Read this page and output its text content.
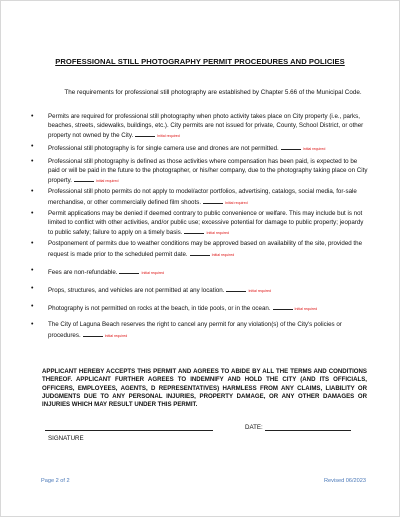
PROFESSIONAL STILL PHOTOGRAPHY PERMIT PROCEDURES AND POLICIES
The requirements for professional still photography are established by Chapter 5.66 of the Municipal Code.
• Permits are required for professional still photography when photo activity takes place on City property (i.e., parks, beaches, streets, sidewalks, buildings, etc.). City permits are not issued for private, County, School District, or other property not owned by the City.	Initial required
• Professional still photography is for single camera use and drones are not permitted.	Initial required
• Professional still photography is defined as those activities where compensation has been paid, is expected to be paid or will be paid in the future to the photographer, or his/her company, due to the photography taking place on City property.	Initial required
• Professional still photo permits do not apply to model/actor portfolios, advertising, catalogs, social media, for-sale merchandise, or other commercially defined film shoots.	Initial required
• Permit applications may be denied if deemed contrary to public convenience or welfare. This may include but is not limited to conflict with other activities, and/or public use; excessive potential for damage to public property; jeopardy to public safety; failure to apply on a timely basis.	Initial required
• Postponement of permits due to weather conditions may be approved based on availability of the site, provided the request is made prior to the scheduled permit date.	Initial required
• Fees are non-refundable.	Initial required
• Props, structures, and vehicles are not permitted at any location.	Initial required
• Photography is not permitted on rocks at the beach, in tide pools, or in the ocean.	Initial required
• The City of Laguna Beach reserves the right to cancel any permit for any violation(s) of the City's policies or procedures.	Initial required
APPLICANT HEREBY ACCEPTS THIS PERMIT AND AGREES TO ABIDE BY ALL THE TERMS AND CONDITIONS THEREOF. APPLICANT FURTHER AGREES TO INDEMNIFY AND HOLD THE CITY (AND ITS OFFICIALS, OFFICERS, EMPLOYEES, AGENTS, D REPRESENTATIVES) HARMLESS FROM ANY CLAIMS, LIABILITY OR JUDGMENTS DUE TO ANY PERSONAL INJURIES, PROPERTY DAMAGE, OR ANY OTHER DAMAGES OR INJURIES WHICH MAY RESULT UNDER THIS PERMIT.
SIGNATURE
DATE:
Page 2 of 2	Revised 06/2023
